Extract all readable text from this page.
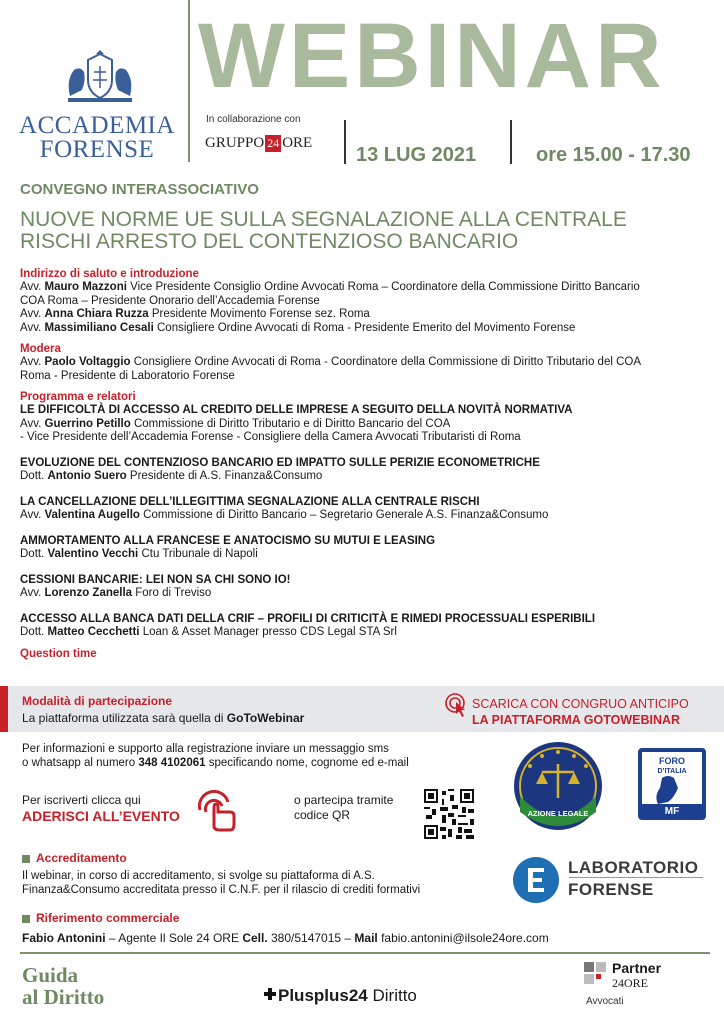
ACCADEMIA
FORENSE
WEBINAR
In collaborazione con
GRUPPO 24 ORE
13 LUG 2021	ore 15.00 - 17.30
CONVEGNO INTERASSOCIATIVO
NUOVE NORME UE SULLA SEGNALAZIONE ALLA CENTRALE
RISCHI ARRESTO DEL CONTENZIOSO BANCARIO
Indirizzo di saluto e introduzione
Avv. Mauro Mazzoni Vice Presidente Consiglio Ordine Avvocati Roma – Coordinatore della Commissione Diritto Bancario
COA Roma – Presidente Onorario dell’Accademia Forense
Avv. Anna Chiara Ruzza Presidente Movimento Forense sez. Roma
Avv. Massimiliano Cesali Consigliere Ordine Avvocati di Roma - Presidente Emerito del Movimento Forense
Modera
Avv. Paolo Voltaggio Consigliere Ordine Avvocati di Roma - Coordinatore della Commissione di Diritto Tributario del COA
Roma - Presidente di Laboratorio Forense
Programma e relatori
LE DIFFICOLTÀ DI ACCESSO AL CREDITO DELLE IMPRESE A SEGUITO DELLA NOVITÀ NORMATIVA
Avv. Guerrino Petillo Commissione di Diritto Tributario e di Diritto Bancario del COA
- Vice Presidente dell’Accademia Forense - Consigliere della Camera Avvocati Tributaristi di Roma
EVOLUZIONE DEL CONTENZIOSO BANCARIO ED IMPATTO SULLE PERIZIE ECONOMETRICHE
Dott. Antonio Suero Presidente di A.S. Finanza&Consumo
LA CANCELLAZIONE DELL’ILLEGITTIMA SEGNALAZIONE ALLA CENTRALE RISCHI
Avv. Valentina Augello Commissione di Diritto Bancario – Segretario Generale A.S. Finanza&Consumo
AMMORTAMENTO ALLA FRANCESE E ANATOCISMO SU MUTUI E LEASING
Dott. Valentino Vecchi Ctu Tribunale di Napoli
CESSIONI BANCARIE: LEI NON SA CHI SONO IO!
Avv. Lorenzo Zanella Foro di Treviso
ACCESSO ALLA BANCA DATI DELLA CRIF – PROFILI DI CRITICITÀ E RIMEDI PROCESSUALI ESPERIBILI
Dott. Matteo Cecchetti Loan & Asset Manager presso CDS Legal STA Srl
Question time
Modalità di partecipazione
La piattaforma utilizzata sarà quella di GoToWebinar
SCARICA CON CONGRUO ANTICIPO
LA PIATTAFORMA GOTOWEBINAR
Per informazioni e supporto alla registrazione inviare un messaggio sms
o whatsapp al numero 348 4102061 specificando nome, cognome ed e-mail
Per iscriverti clicca qui
ADERISCI ALL’EVENTO
o partecipa tramite
codice QR	AZIONE LEGALE
FORO
D’ITALIA
MF
Accreditamento
Il webinar, in corso di accreditamento, si svolge su piattaforma di A.S.
Finanza&Consumo accreditata presso il C.N.F. per il rilascio di crediti formativi
LABORATORIO
FORENSE
Riferimento commerciale
Fabio Antonini – Agente Il Sole 24 ORE Cell. 380/5147015 – Mail fabio.antonini@ilsole24ore.com
Guida
al Diritto	Plusplus24 Diritto
Partner
24ORE
Avvocati
